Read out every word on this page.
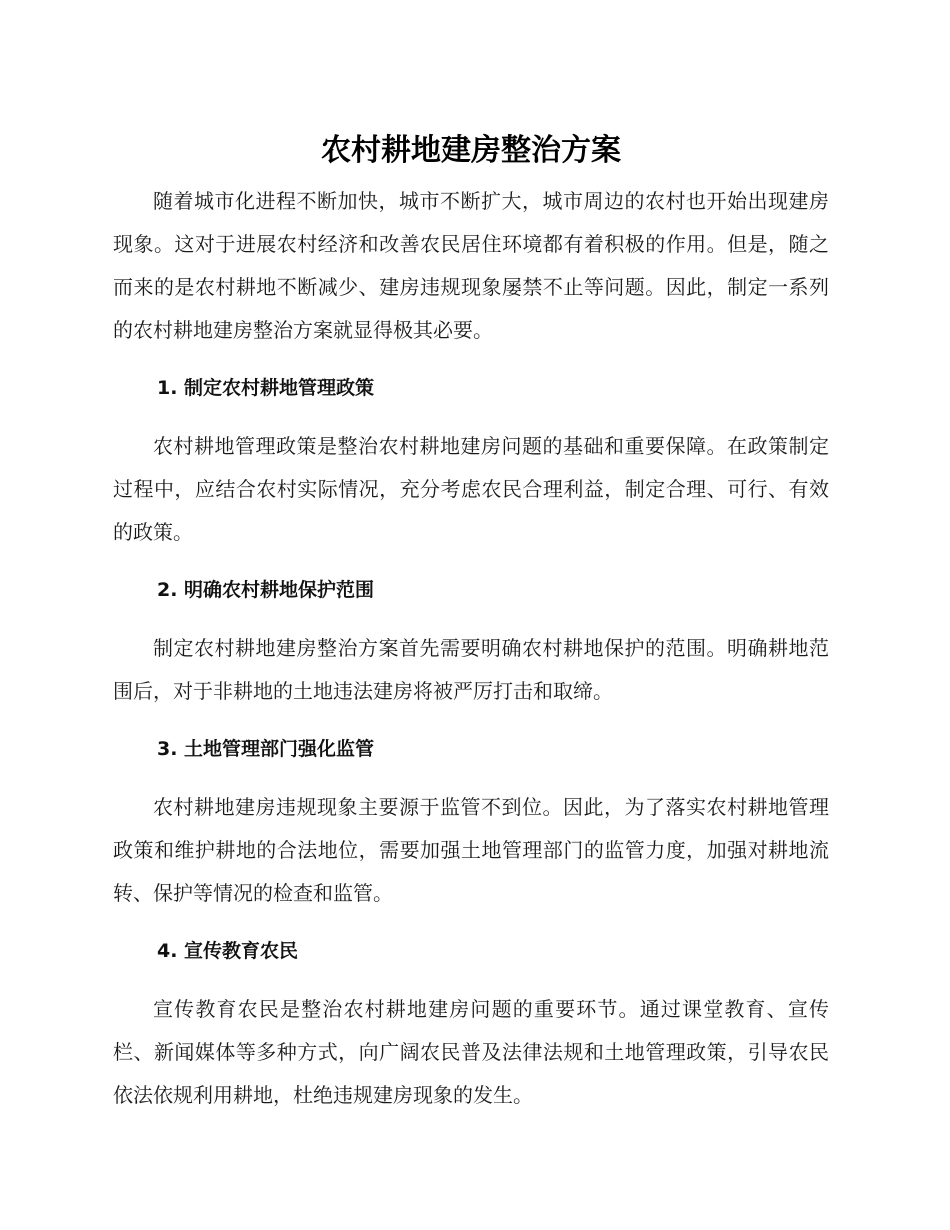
农村耕地建房整治方案

随着城市化进程不断加快，城市不断扩大，城市周边的农村也开始出现建房现象。这对于进展农村经济和改善农民居住环境都有着积极的作用。但是，随之而来的是农村耕地不断减少、建房违规现象屡禁不止等问题。因此，制定一系列的农村耕地建房整治方案就显得极其必要。

1. 制定农村耕地管理政策

农村耕地管理政策是整治农村耕地建房问题的基础和重要保障。在政策制定过程中，应结合农村实际情况，充分考虑农民合理利益，制定合理、可行、有效的政策。

2. 明确农村耕地保护范围

制定农村耕地建房整治方案首先需要明确农村耕地保护的范围。明确耕地范围后，对于非耕地的土地违法建房将被严厉打击和取缔。

3. 土地管理部门强化监管

农村耕地建房违规现象主要源于监管不到位。因此，为了落实农村耕地管理政策和维护耕地的合法地位，需要加强土地管理部门的监管力度，加强对耕地流转、保护等情况的检查和监管。

4. 宣传教育农民

宣传教育农民是整治农村耕地建房问题的重要环节。通过课堂教育、宣传栏、新闻媒体等多种方式，向广阔农民普及法律法规和土地管理政策，引导农民依法依规利用耕地，杜绝违规建房现象的发生。
